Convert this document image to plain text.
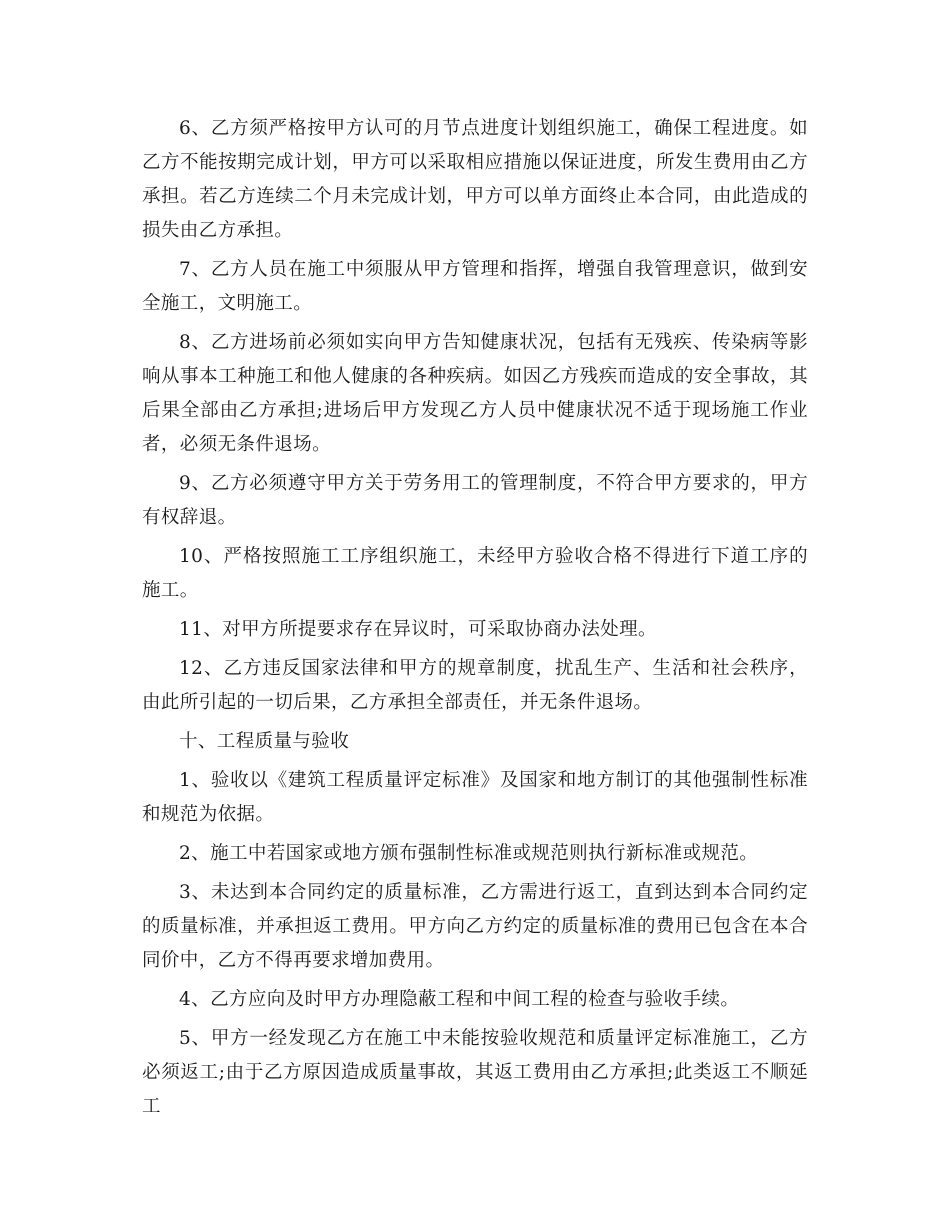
6、乙方须严格按甲方认可的月节点进度计划组织施工，确保工程进度。如乙方不能按期完成计划，甲方可以采取相应措施以保证进度，所发生费用由乙方承担。若乙方连续二个月未完成计划，甲方可以单方面终止本合同，由此造成的损失由乙方承担。

7、乙方人员在施工中须服从甲方管理和指挥，增强自我管理意识，做到安全施工，文明施工。

8、乙方进场前必须如实向甲方告知健康状况，包括有无残疾、传染病等影响从事本工种施工和他人健康的各种疾病。如因乙方残疾而造成的安全事故，其后果全部由乙方承担;进场后甲方发现乙方人员中健康状况不适于现场施工作业者，必须无条件退场。

9、乙方必须遵守甲方关于劳务用工的管理制度，不符合甲方要求的，甲方有权辞退。

10、严格按照施工工序组织施工，未经甲方验收合格不得进行下道工序的施工。

11、对甲方所提要求存在异议时，可采取协商办法处理。

12、乙方违反国家法律和甲方的规章制度，扰乱生产、生活和社会秩序，由此所引起的一切后果，乙方承担全部责任，并无条件退场。

十、工程质量与验收

1、验收以《建筑工程质量评定标准》及国家和地方制订的其他强制性标准和规范为依据。

2、施工中若国家或地方颁布强制性标准或规范则执行新标准或规范。

3、未达到本合同约定的质量标准，乙方需进行返工，直到达到本合同约定的质量标准，并承担返工费用。甲方向乙方约定的质量标准的费用已包含在本合同价中，乙方不得再要求增加费用。

4、乙方应向及时甲方办理隐蔽工程和中间工程的检查与验收手续。

5、甲方一经发现乙方在施工中未能按验收规范和质量评定标准施工，乙方必须返工;由于乙方原因造成质量事故，其返工费用由乙方承担;此类返工不顺延工
